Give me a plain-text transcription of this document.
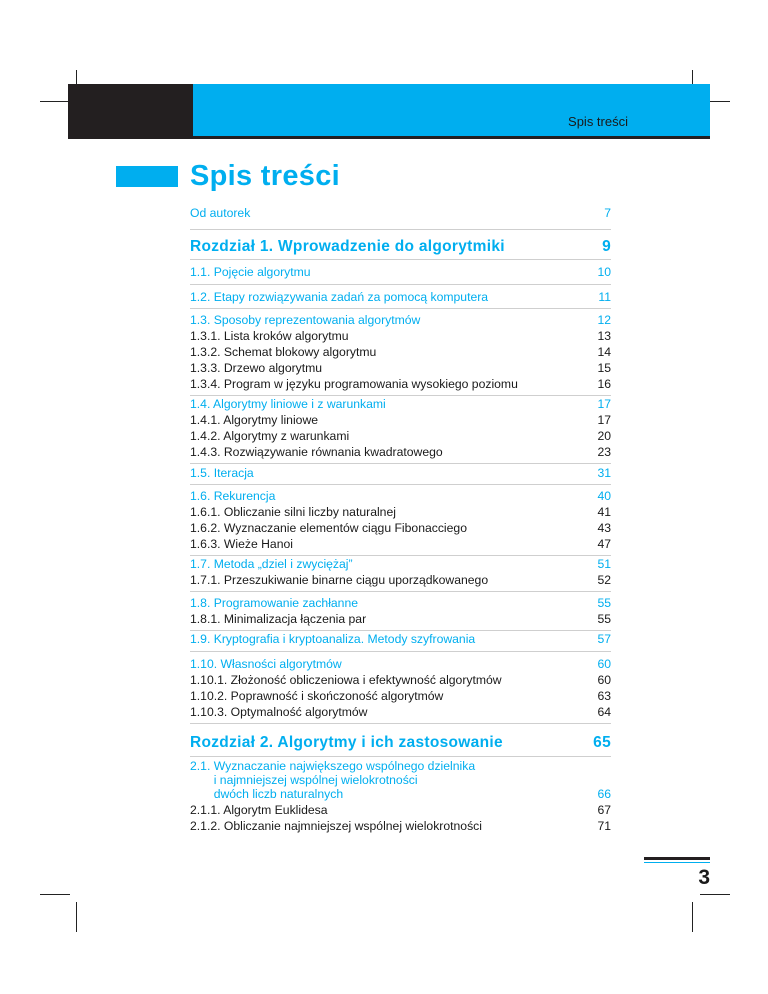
Spis treści
Spis treści
Od autorek	7
Rozdział 1. Wprowadzenie do algorytmiki	9
1.1. Pojęcie algorytmu	10
1.2. Etapy rozwiązywania zadań za pomocą komputera	11
1.3. Sposoby reprezentowania algorytmów	12
1.3.1. Lista kroków algorytmu	13
1.3.2. Schemat blokowy algorytmu	14
1.3.3. Drzewo algorytmu	15
1.3.4. Program w języku programowania wysokiego poziomu	16
1.4. Algorytmy liniowe i z warunkami	17
1.4.1. Algorytmy liniowe	17
1.4.2. Algorytmy z warunkami	20
1.4.3. Rozwiązywanie równania kwadratowego	23
1.5. Iteracja	31
1.6. Rekurencja	40
1.6.1. Obliczanie silni liczby naturalnej	41
1.6.2. Wyznaczanie elementów ciągu Fibonacciego	43
1.6.3. Wieże Hanoi	47
1.7. Metoda „dziel i zwyciężaj”	51
1.7.1. Przeszukiwanie binarne ciągu uporządkowanego	52
1.8. Programowanie zachłanne	55
1.8.1. Minimalizacja łączenia par	55
1.9. Kryptografia i kryptoanaliza. Metody szyfrowania	57
1.10. Własności algorytmów	60
1.10.1. Złożoność obliczeniowa i efektywność algorytmów	60
1.10.2. Poprawność i skończoność algorytmów	63
1.10.3. Optymalność algorytmów	64
Rozdział 2. Algorytmy i ich zastosowanie	65
2.1. Wyznaczanie największego wspólnego dzielnika
i najmniejszej wspólnej wielokrotności
dwóch liczb naturalnych	66
2.1.1. Algorytm Euklidesa	67
2.1.2. Obliczanie najmniejszej wspólnej wielokrotności	71
3
